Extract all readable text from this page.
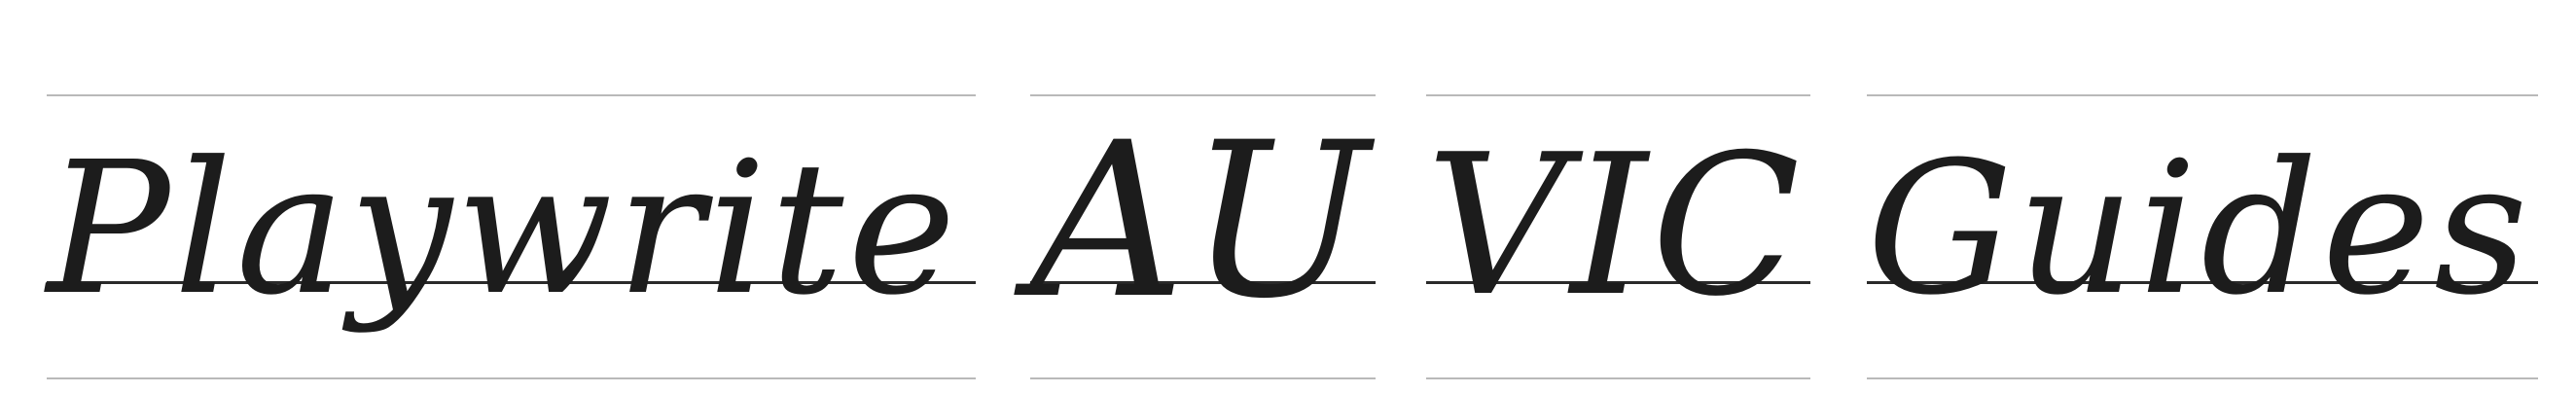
Playwrite AU VIC Guides
